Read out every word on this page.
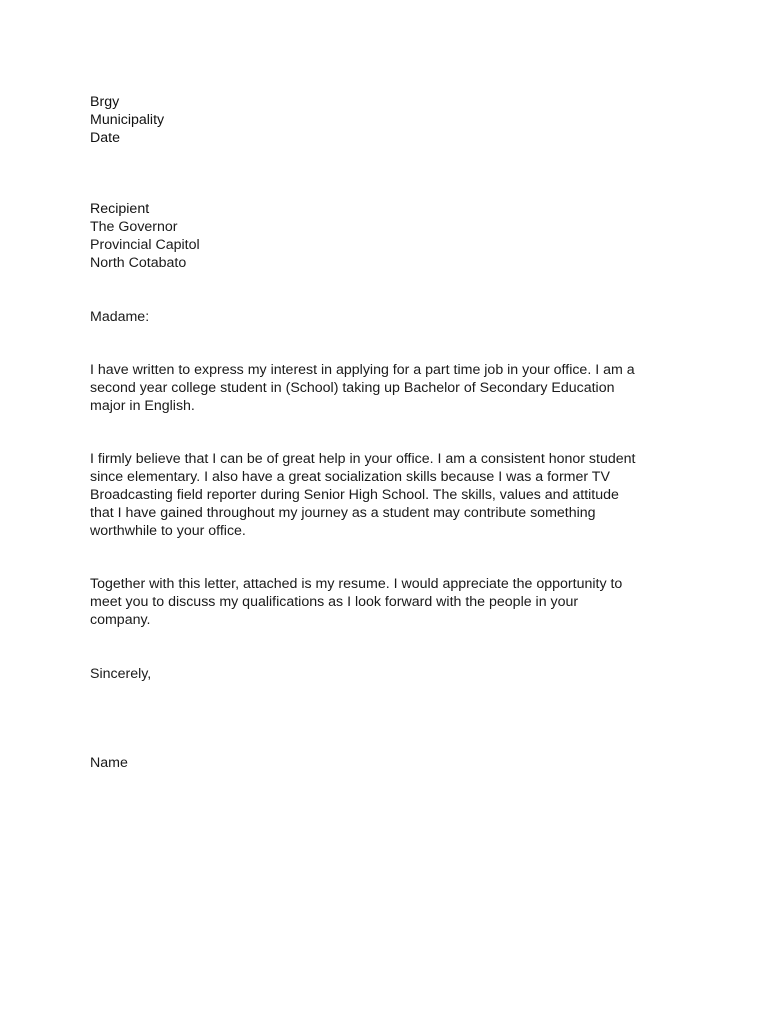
Brgy

Municipality

Date

Recipient

The Governor

Provincial Capitol

North Cotabato

Madame:

I have written to express my interest in applying for a part time job in your office. I am a

second year college student in (School) taking up Bachelor of Secondary Education

major in English.

I firmly believe that I can be of great help in your office. I am a consistent honor student

since elementary. I also have a great socialization skills because I was a former TV

Broadcasting field reporter during Senior High School. The skills, values and attitude

that I have gained throughout my journey as a student may contribute something

worthwhile to your office.

Together with this letter, attached is my resume. I would appreciate the opportunity to

meet you to discuss my qualifications as I look forward with the people in your

company.

Sincerely,

Name
